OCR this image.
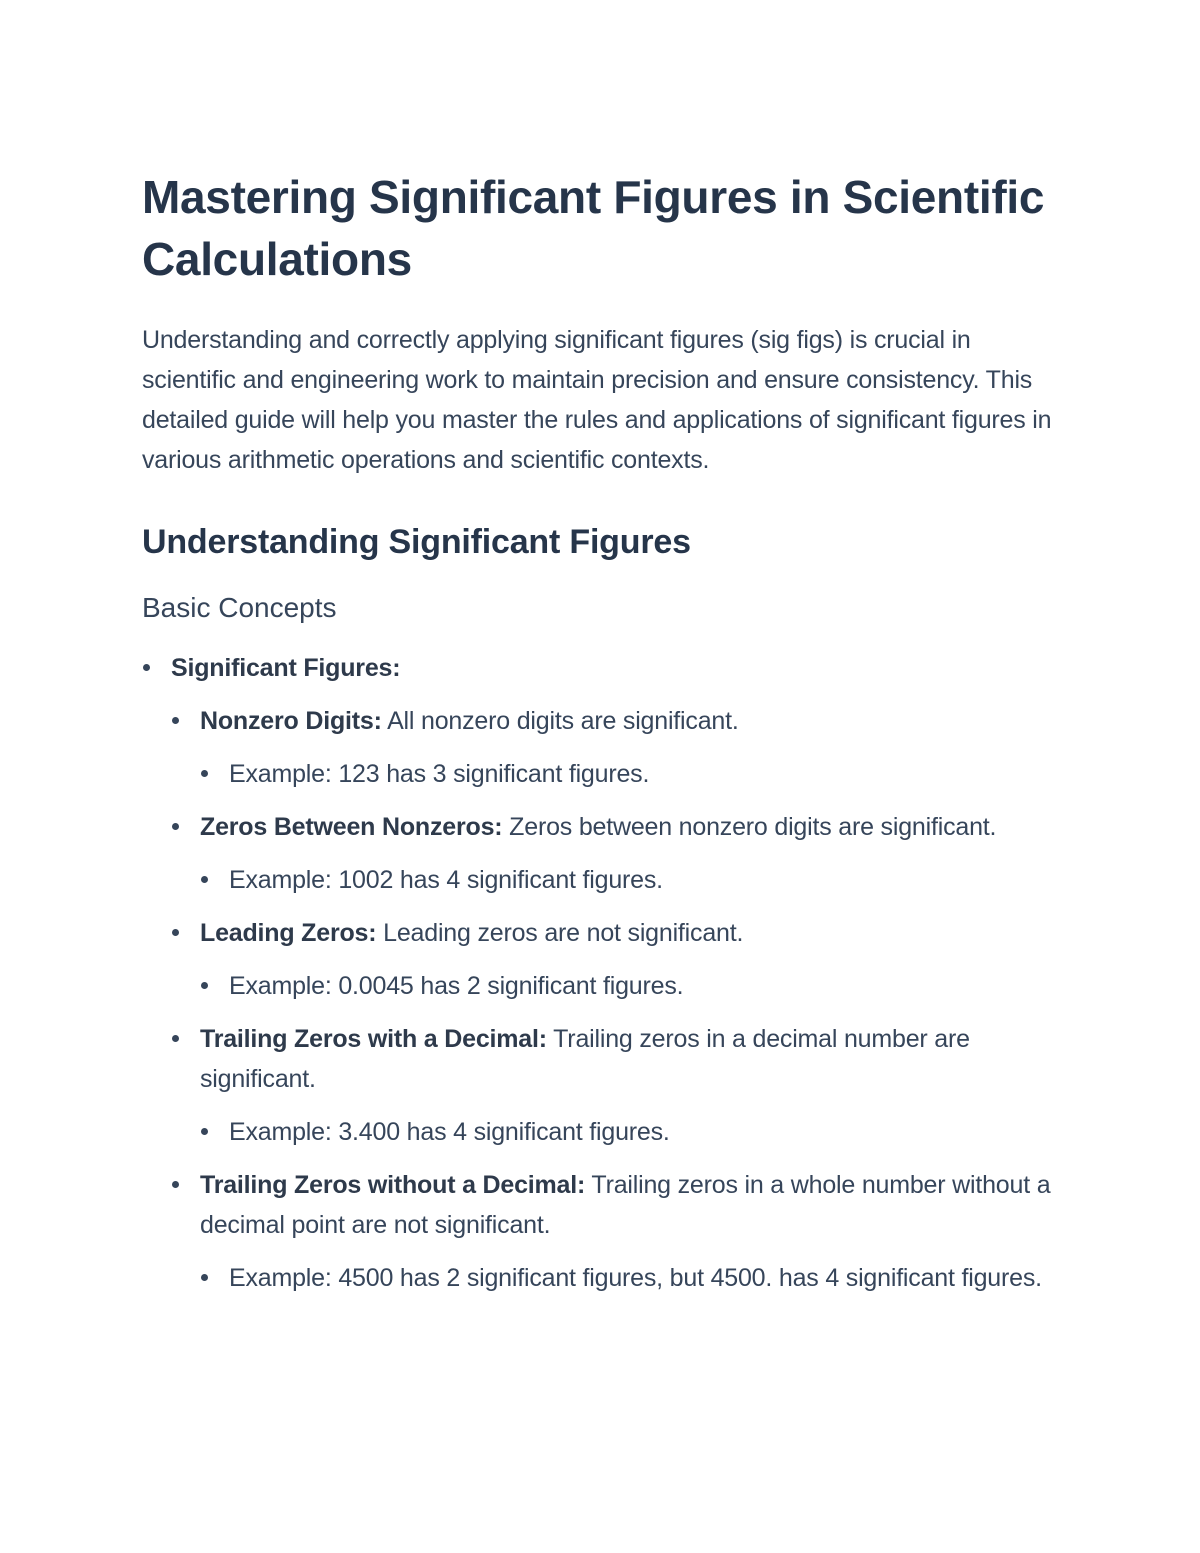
Mastering Significant Figures in Scientific Calculations

Understanding and correctly applying significant figures (sig figs) is crucial in scientific and engineering work to maintain precision and ensure consistency. This detailed guide will help you master the rules and applications of significant figures in various arithmetic operations and scientific contexts.

Understanding Significant Figures
Basic Concepts
Significant Figures:
Nonzero Digits: All nonzero digits are significant.
Example: 123 has 3 significant figures.
Zeros Between Nonzeros: Zeros between nonzero digits are significant.
Example: 1002 has 4 significant figures.
Leading Zeros: Leading zeros are not significant.
Example: 0.0045 has 2 significant figures.
Trailing Zeros with a Decimal: Trailing zeros in a decimal number are significant.
Example: 3.400 has 4 significant figures.
Trailing Zeros without a Decimal: Trailing zeros in a whole number without a decimal point are not significant.
Example: 4500 has 2 significant figures, but 4500. has 4 significant figures.
